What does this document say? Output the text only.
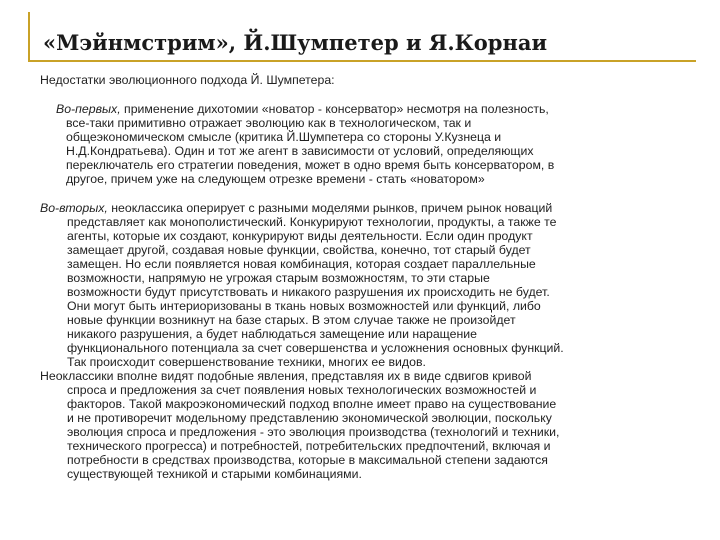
«Мэйнмстрим», Й.Шумпетер и Я.Корнаи
Недостатки эволюционного подхода Й. Шумпетера:
Во-первых, применение дихотомии «новатор - консерватор» несмотря на полезность,
все-таки примитивно отражает эволюцию как в технологическом, так и
общеэкономическом смысле (критика Й.Шумпетера со стороны У.Кузнеца и
Н.Д.Кондратьева). Один и тот же агент в зависимости от условий, определяющих
переключатель его стратегии поведения, может в одно время быть консерватором, в
другое, причем уже на следующем отрезке времени - стать «новатором»
Во-вторых, неоклассика оперирует с разными моделями рынков, причем рынок новаций
представляет как монополистический. Конкурируют технологии, продукты, а также те
агенты, которые их создают, конкурируют виды деятельности. Если один продукт
замещает другой, создавая новые функции, свойства, конечно, тот старый будет
замещен. Но если появляется новая комбинация, которая создает параллельные
возможности, напрямую не угрожая старым возможностям, то эти старые
возможности будут присутствовать и никакого разрушения их происходить не будет.
Они могут быть интериоризованы в ткань новых возможностей или функций, либо
новые функции возникнут на базе старых. В этом случае также не произойдет
никакого разрушения, а будет наблюдаться замещение или наращение
функционального потенциала за счет совершенства и усложнения основных функций.
Так происходит совершенствование техники, многих ее видов.
Неоклассики вполне видят подобные явления, представляя их в виде сдвигов кривой
спроса и предложения за счет появления новых технологических возможностей и
факторов. Такой макроэкономический подход вполне имеет право на существование
и не противоречит модельному представлению экономической эволюции, поскольку
эволюция спроса и предложения - это эволюция производства (технологий и техники,
технического прогресса) и потребностей, потребительских предпочтений, включая и
потребности в средствах производства, которые в максимальной степени задаются
существующей техникой и старыми комбинациями.
